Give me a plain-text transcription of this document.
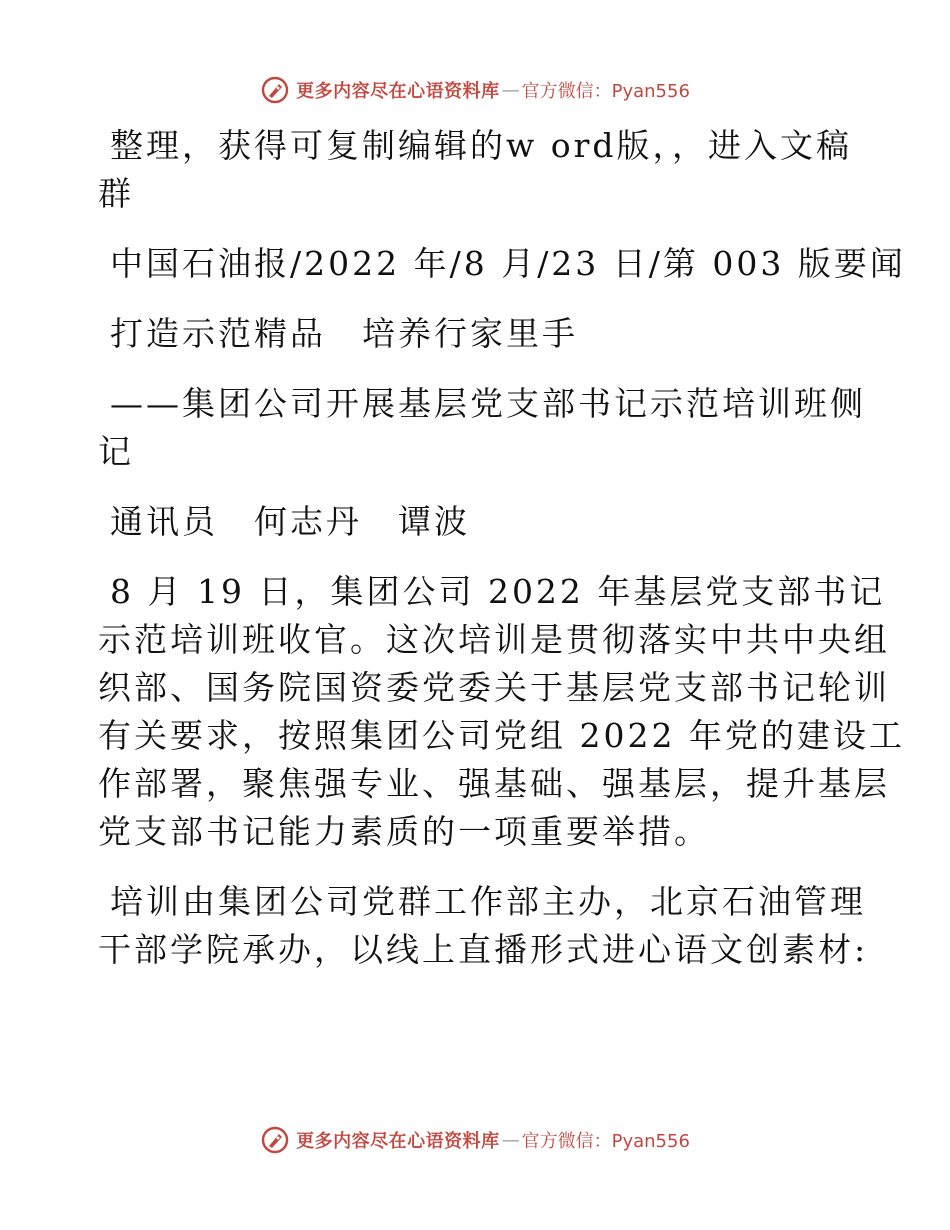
更多内容尽在心语资料库 — 官方微信：Pyan556

整理，获得可复制编辑的w ord版，，进入文稿

群

中国石油报/2022 年/8 月/23 日/第 003 版要闻

打造示范精品　培养行家里手

——集团公司开展基层党支部书记示范培训班侧

记

通讯员　何志丹　谭波

8 月 19 日，集团公司 2022 年基层党支部书记

示范培训班收官。这次培训是贯彻落实中共中央组

织部、国务院国资委党委关于基层党支部书记轮训

有关要求，按照集团公司党组 2022 年党的建设工

作部署，聚焦强专业、强基础、强基层，提升基层

党支部书记能力素质的一项重要举措。

培训由集团公司党群工作部主办，北京石油管理

干部学院承办，以线上直播形式进心语文创素材:

更多内容尽在心语资料库 — 官方微信：Pyan556
